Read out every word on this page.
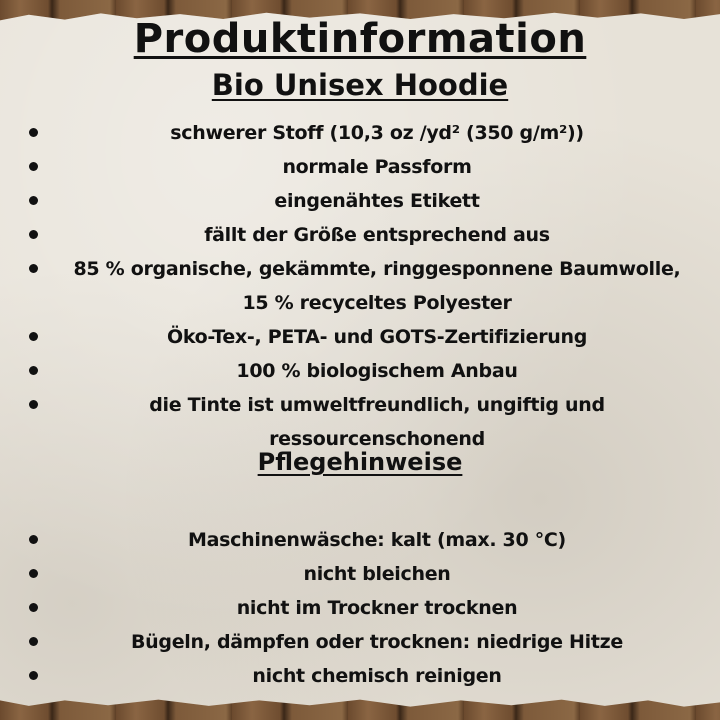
Produktinformation
Bio Unisex Hoodie
schwerer Stoff (10,3 oz /yd² (350 g/m²))
normale Passform
eingenähtes Etikett
fällt der Größe entsprechend aus
85 % organische, gekämmte, ringgesponnene Baumwolle, 15 % recyceltes Polyester
Öko-Tex-, PETA- und GOTS-Zertifizierung
100 % biologischem Anbau
die Tinte ist umweltfreundlich, ungiftig und ressourcenschonend
Pflegehinweise
Maschinenwäsche: kalt (max. 30 °C)
nicht bleichen
nicht im Trockner trocknen
Bügeln, dämpfen oder trocknen: niedrige Hitze
nicht chemisch reinigen
